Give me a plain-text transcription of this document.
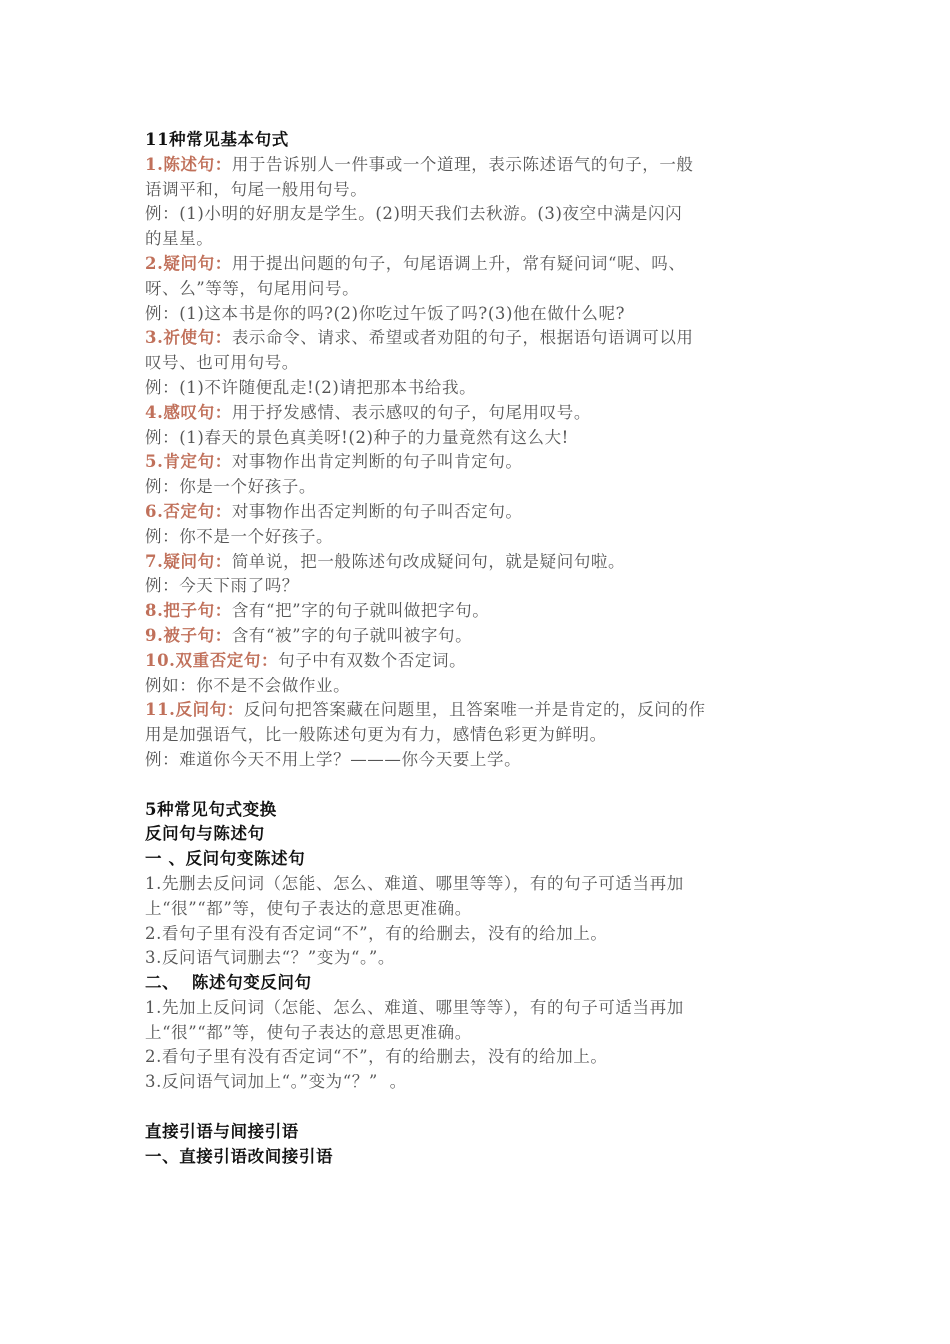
11种常见基本句式
1.陈述句：用于告诉别人一件事或一个道理，表示陈述语气的句子，一般
语调平和，句尾一般用句号。
例：(1)小明的好朋友是学生。(2)明天我们去秋游。(3)夜空中满是闪闪
的星星。
2.疑问句：用于提出问题的句子，句尾语调上升，常有疑问词“呢、吗、
呀、么”等等，句尾用问号。
例：(1)这本书是你的吗?(2)你吃过午饭了吗?(3)他在做什么呢?
3.祈使句：表示命令、请求、希望或者劝阻的句子，根据语句语调可以用
叹号、也可用句号。
例：(1)不许随便乱走!(2)请把那本书给我。
4.感叹句：用于抒发感情、表示感叹的句子，句尾用叹号。
例：(1)春天的景色真美呀!(2)种子的力量竟然有这么大!
5.肯定句：对事物作出肯定判断的句子叫肯定句。
例：你是一个好孩子。
6.否定句：对事物作出否定判断的句子叫否定句。
例：你不是一个好孩子。
7.疑问句：简单说，把一般陈述句改成疑问句，就是疑问句啦。
例：今天下雨了吗？
8.把子句：含有“把”字的句子就叫做把字句。
9.被子句：含有“被”字的句子就叫被字句。
10.双重否定句：句子中有双数个否定词。
例如：你不是不会做作业。
11.反问句：反问句把答案藏在问题里，且答案唯一并是肯定的，反问的作
用是加强语气，比一般陈述句更为有力，感情色彩更为鲜明。
例：难道你今天不用上学？———你今天要上学。
5种常见句式变换
反问句与陈述句
一 、反问句变陈述句
1.先删去反问词（怎能、怎么、难道、哪里等等），有的句子可适当再加
上“很”“都”等，使句子表达的意思更准确。
2.看句子里有没有否定词“不”，有的给删去，没有的给加上。
3.反问语气词删去“？”变为“。”。
二、  陈述句变反问句
1.先加上反问词（怎能、怎么、难道、哪里等等），有的句子可适当再加
上“很”“都”等，使句子表达的意思更准确。
2.看句子里有没有否定词“不”，有的给删去，没有的给加上。
3.反问语气词加上“。”变为“？”  。
直接引语与间接引语
一、直接引语改间接引语
